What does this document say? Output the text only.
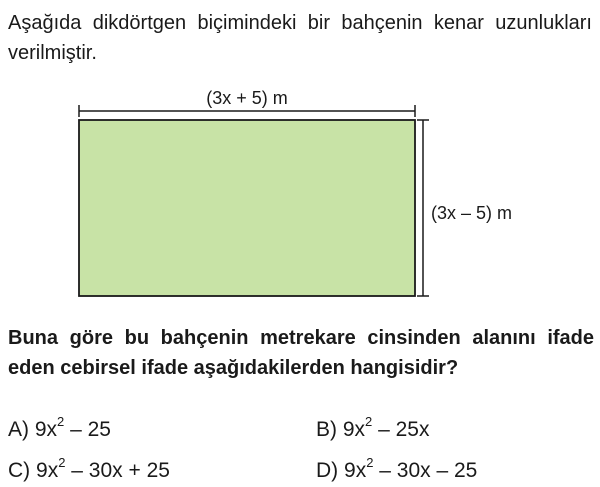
Aşağıda dikdörtgen biçimindeki bir bahçenin kenar uzunlukları verilmiştir.
(3x + 5) m
(3x – 5) m
Buna göre bu bahçenin metrekare cinsinden alanını ifade eden cebirsel ifade aşağıdakilerden hangisidir?
A) $9x^2 - 25$	B) $9x^2 - 25x$
C) $9x^2 - 30x + 25$	D) $9x^2 - 30x - 25$
